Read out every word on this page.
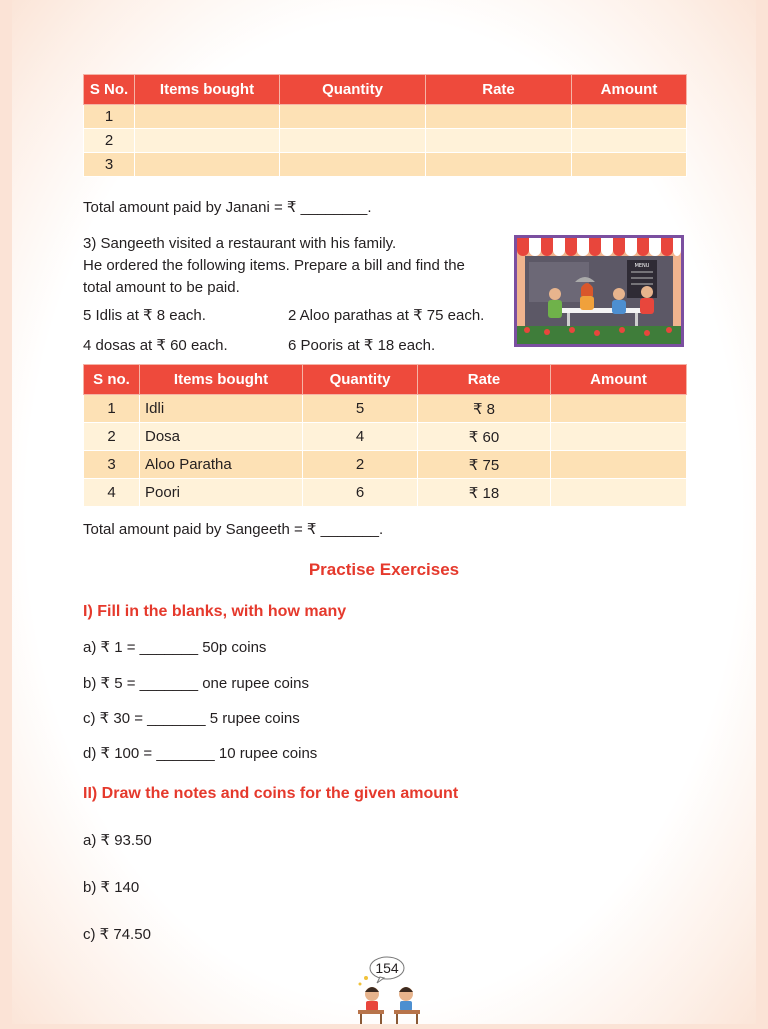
S No.	Items bought	Quantity	Rate	Amount
1				
2				
3				
Total amount paid by Janani = ₹ ________.
3) Sangeeth visited a restaurant with his family.
He ordered the following items. Prepare a bill and find the
total amount to be paid.
5 Idlis at ₹ 8 each.	2 Aloo parathas at ₹ 75 each.
4 dosas at ₹ 60 each.	6 Pooris at ₹ 18 each.
MENU
S no.	Items bought	Quantity	Rate	Amount
1	Idli	5	₹ 8	
2	Dosa	4	₹ 60	
3	Aloo Paratha	2	₹ 75	
4	Poori	6	₹ 18	
Total amount paid by Sangeeth = ₹ _______.
Practise Exercises
I) Fill in the blanks, with how many
a) ₹ 1 = _______ 50p coins
b) ₹ 5 = _______ one rupee coins
c) ₹ 30 = _______ 5 rupee coins
d) ₹ 100 = _______ 10 rupee coins
II) Draw the notes and coins for the given amount
a) ₹ 93.50
b) ₹ 140
c) ₹ 74.50
154
